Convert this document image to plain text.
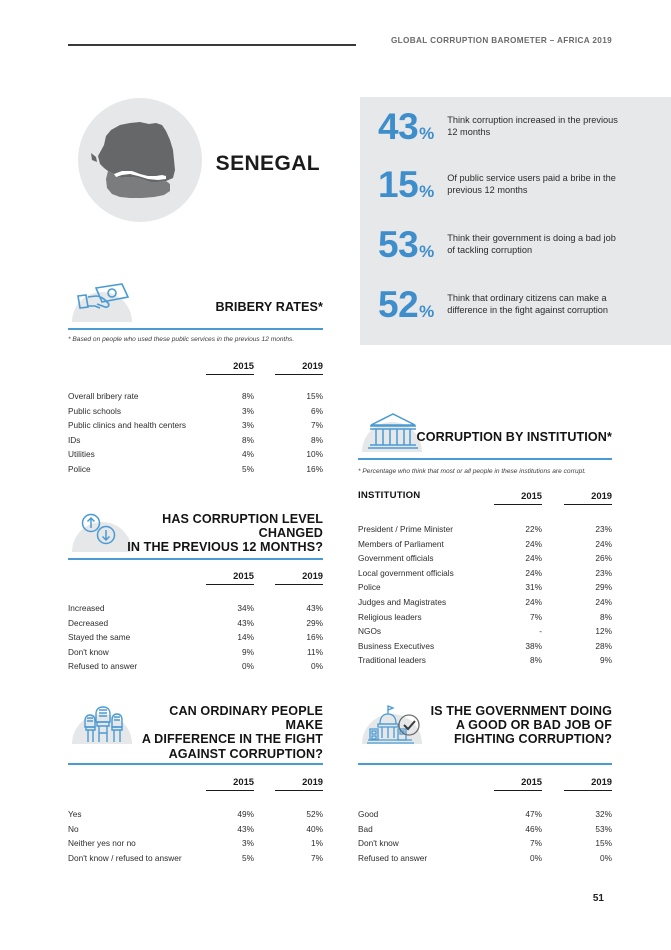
GLOBAL CORRUPTION BAROMETER – AFRICA 2019
SENEGAL
43 %
Think corruption increased in the previous 12 months
15 %
Of public service users paid a bribe in the previous 12 months
53 %
Think their government is doing a bad job of tackling corruption
52 %
Think that ordinary citizens can make a difference in the fight against corruption
BRIBERY RATES*
* Based on people who used these public services in the previous 12 months.
2015	2019
Overall bribery rate	8%	15%
Public schools	3%	6%
Public clinics and health centers	3%	7%
IDs	8%	8%
Utilities	4%	10%
Police	5%	16%
HAS CORRUPTION LEVEL CHANGED
IN THE PREVIOUS 12 MONTHS?
2015	2019
Increased	34%	43%
Decreased	43%	29%
Stayed the same	14%	16%
Don't know	9%	11%
Refused to answer	0%	0%
CORRUPTION BY INSTITUTION*
* Percentage who think that most or all people in these institutions are corrupt.
INSTITUTION	2015	2019
President / Prime Minister	22%	23%
Members of Parliament	24%	24%
Government officials	24%	26%
Local government officials	24%	23%
Police	31%	29%
Judges and Magistrates	24%	24%
Religious leaders	7%	8%
NGOs	-	12%
Business Executives	38%	28%
Traditional leaders	8%	9%
CAN ORDINARY PEOPLE MAKE
A DIFFERENCE IN THE FIGHT
AGAINST CORRUPTION?
2015	2019
Yes	49%	52%
No	43%	40%
Neither yes nor no	3%	1%
Don't know / refused to answer	5%	7%
IS THE GOVERNMENT DOING
A GOOD OR BAD JOB OF
FIGHTING CORRUPTION?
2015	2019
Good	47%	32%
Bad	46%	53%
Don't know	7%	15%
Refused to answer	0%	0%
51
